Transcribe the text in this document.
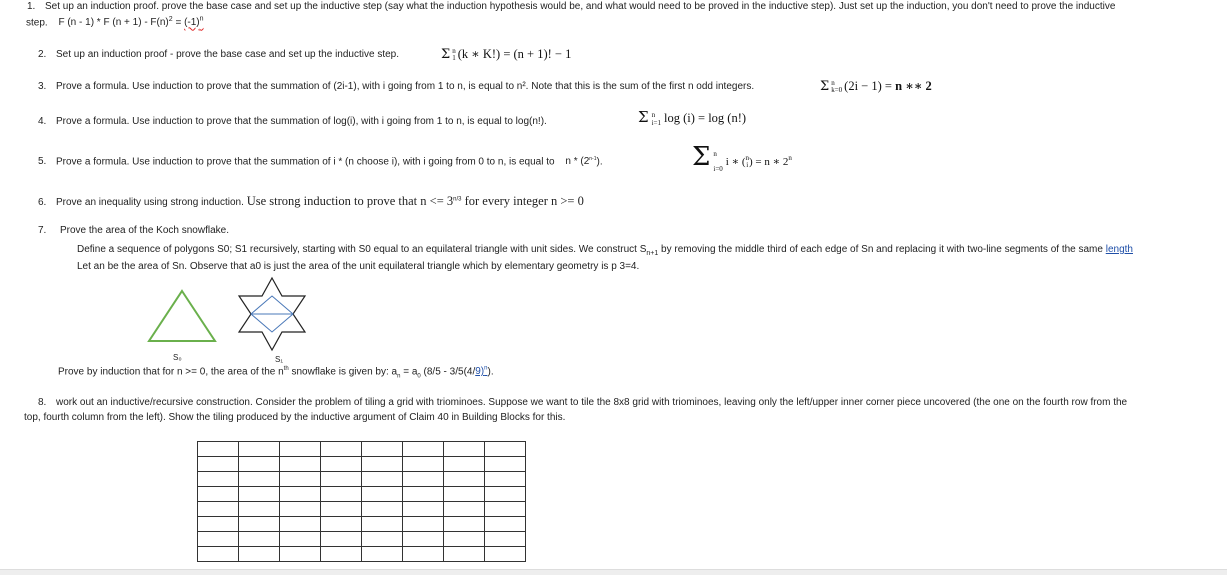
1. Set up an induction proof. prove the base case and set up the inductive step (say what the induction hypothesis would be, and what would need to be proved in the inductive step). Just set up the induction, you don't need to prove the inductive
step. F (n - 1) * F $(n + 1) - F(n)^2 = (-1)^n$
2. Set up an induction proof - prove the base case and set up the inductive step.	Σ n
1 (k ∗ K!) = (n + 1)! − 1
3. Prove a formula. Use induction to prove that the summation of (2i-1), with i going from 1 to n, is equal to n². Note that this is the sum of the first n odd integers.	Σ n
k=0 (2i − 1) = n ∗∗ 2
4. Prove a formula. Use induction to prove that the summation of log(i), with i going from 1 to n, is equal to log(n!).	Σ n
i=1 log (i) = log (n!)
5. Prove a formula. Use induction to prove that the summation of i * (n choose i), with i going from 0 to n, is equal to n * (2$^{n-1}$).	Σ n
i=0
i ∗ ( n
i ) = n ∗ 2$^n$
6. Prove an inequality using strong induction. Use strong induction to prove that $n <= 3^{n/3}$ for every integer n >= 0
7. Prove the area of the Koch snowflake.
Define a sequence of polygons S0; S1 recursively, starting with S0 equal to an equilateral triangle with unit sides. We construct $S_{n+1}$ by removing the middle third of each edge of Sn and replacing it with two-line segments of the same length
Let an be the area of Sn. Observe that a0 is just the area of the unit equilateral triangle which by elementary geometry is p 3=4.
S₀	S₁
Prove by induction that for n >= 0, the area of the $n^{th}$ snowflake is given by: $a_n = a_0$ $(8/5 - 3/5(4/9)^n)$.
8. work out an inductive/recursive construction. Consider the problem of tiling a grid with triominoes. Suppose we want to tile the 8x8 grid with triominoes, leaving only the left/upper inner corner piece uncovered (the one on the fourth row from the
top, fourth column from the left). Show the tiling produced by the inductive argument of Claim 40 in Building Blocks for this.
